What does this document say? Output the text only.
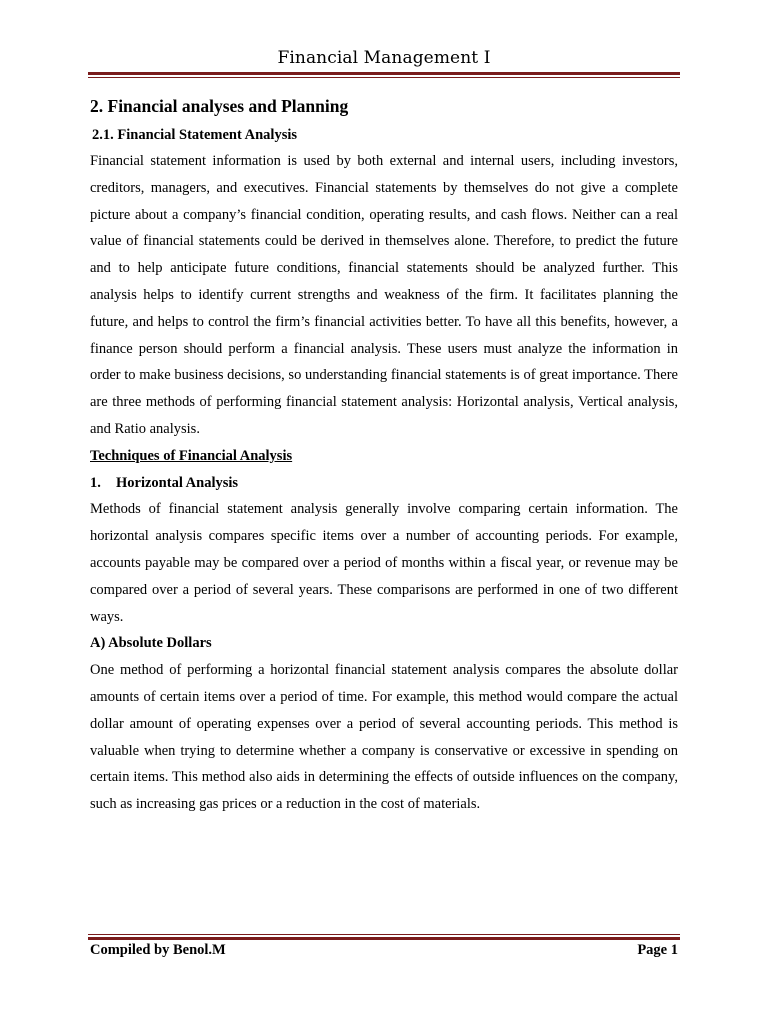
Financial Management I
2. Financial analyses and Planning
2.1. Financial Statement Analysis

Financial statement information is used by both external and internal users, including investors, creditors, managers, and executives. Financial statements by themselves do not give a complete picture about a company’s financial condition, operating results, and cash flows. Neither can a real value of financial statements could be derived in themselves alone. Therefore, to predict the future and to help anticipate future conditions, financial statements should be analyzed further. This analysis helps to identify current strengths and weakness of the firm. It facilitates planning the future, and helps to control the firm’s financial activities better. To have all this benefits, however, a finance person should perform a financial analysis. These users must analyze the information in order to make business decisions, so understanding financial statements is of great importance. There are three methods of performing financial statement analysis: Horizontal analysis, Vertical analysis, and Ratio analysis.

Techniques of Financial Analysis
1. Horizontal Analysis

Methods of financial statement analysis generally involve comparing certain information. The horizontal analysis compares specific items over a number of accounting periods. For example, accounts payable may be compared over a period of months within a fiscal year, or revenue may be compared over a period of several years. These comparisons are performed in one of two different ways.

A) Absolute Dollars

One method of performing a horizontal financial statement analysis compares the absolute dollar amounts of certain items over a period of time. For example, this method would compare the actual dollar amount of operating expenses over a period of several accounting periods. This method is valuable when trying to determine whether a company is conservative or excessive in spending on certain items. This method also aids in determining the effects of outside influences on the company, such as increasing gas prices or a reduction in the cost of materials.

Compiled by Benol.M	Page 1
